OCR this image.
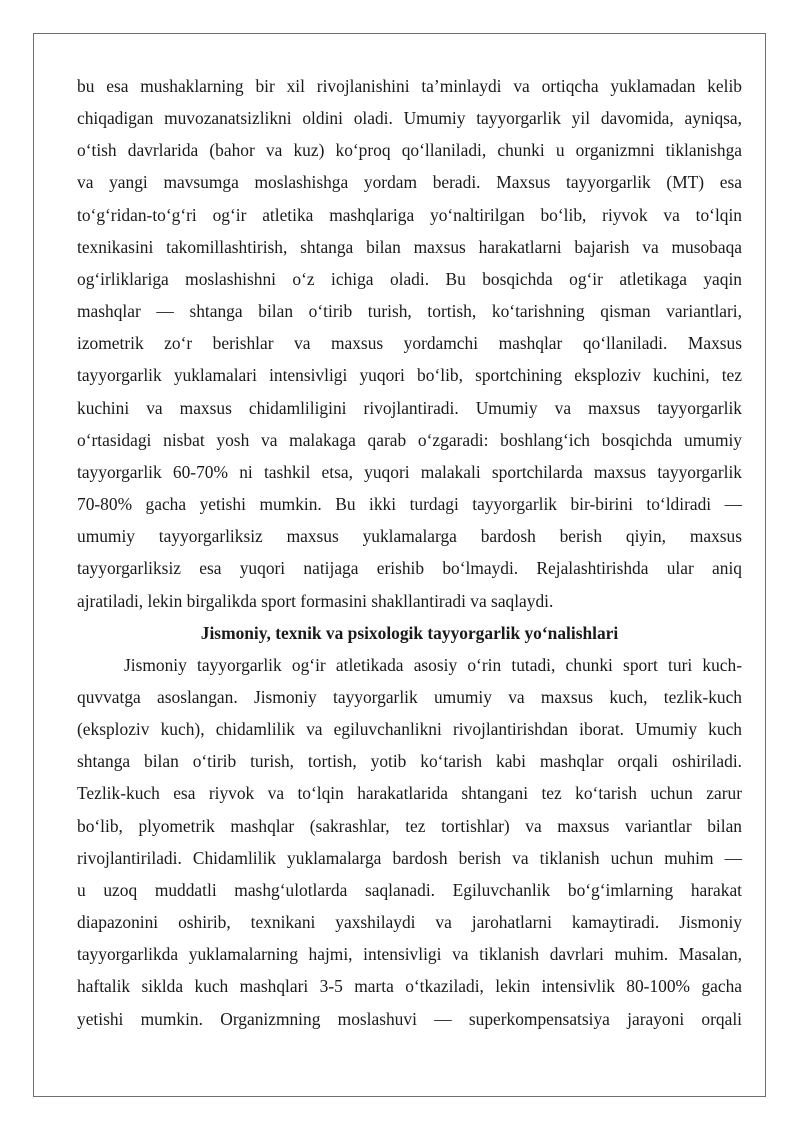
bu esa mushaklarning bir xil rivojlanishini ta’minlaydi va ortiqcha yuklamadan kelib

chiqadigan muvozanatsizlikni oldini oladi. Umumiy tayyorgarlik yil davomida, ayniqsa,

o‘tish davrlarida (bahor va kuz) ko‘proq qo‘llaniladi, chunki u organizmni tiklanishga

va yangi mavsumga moslashishga yordam beradi. Maxsus tayyorgarlik (MT) esa

to‘g‘ridan-to‘g‘ri og‘ir atletika mashqlariga yo‘naltirilgan bo‘lib, riyvok va to‘lqin

texnikasini takomillashtirish, shtanga bilan maxsus harakatlarni bajarish va musobaqa

og‘irliklariga moslashishni o‘z ichiga oladi. Bu bosqichda og‘ir atletikaga yaqin

mashqlar — shtanga bilan o‘tirib turish, tortish, ko‘tarishning qisman variantlari,

izometrik zo‘r berishlar va maxsus yordamchi mashqlar qo‘llaniladi. Maxsus

tayyorgarlik yuklamalari intensivligi yuqori bo‘lib, sportchining eksploziv kuchini, tez

kuchini va maxsus chidamliligini rivojlantiradi. Umumiy va maxsus tayyorgarlik

o‘rtasidagi nisbat yosh va malakaga qarab o‘zgaradi: boshlang‘ich bosqichda umumiy

tayyorgarlik 60-70% ni tashkil etsa, yuqori malakali sportchilarda maxsus tayyorgarlik

70-80% gacha yetishi mumkin. Bu ikki turdagi tayyorgarlik bir-birini to‘ldiradi —

umumiy tayyorgarliksiz maxsus yuklamalarga bardosh berish qiyin, maxsus

tayyorgarliksiz esa yuqori natijaga erishib bo‘lmaydi. Rejalashtirishda ular aniq

ajratiladi, lekin birgalikda sport formasini shakllantiradi va saqlaydi.

Jismoniy, texnik va psixologik tayyorgarlik yo‘nalishlari

Jismoniy tayyorgarlik og‘ir atletikada asosiy o‘rin tutadi, chunki sport turi kuch-

quvvatga asoslangan. Jismoniy tayyorgarlik umumiy va maxsus kuch, tezlik-kuch

(eksploziv kuch), chidamlilik va egiluvchanlikni rivojlantirishdan iborat. Umumiy kuch

shtanga bilan o‘tirib turish, tortish, yotib ko‘tarish kabi mashqlar orqali oshiriladi.

Tezlik-kuch esa riyvok va to‘lqin harakatlarida shtangani tez ko‘tarish uchun zarur

bo‘lib, plyometrik mashqlar (sakrashlar, tez tortishlar) va maxsus variantlar bilan

rivojlantiriladi. Chidamlilik yuklamalarga bardosh berish va tiklanish uchun muhim —

u uzoq muddatli mashg‘ulotlarda saqlanadi. Egiluvchanlik bo‘g‘imlarning harakat

diapazonini oshirib, texnikani yaxshilaydi va jarohatlarni kamaytiradi. Jismoniy

tayyorgarlikda yuklamalarning hajmi, intensivligi va tiklanish davrlari muhim. Masalan,

haftalik siklda kuch mashqlari 3-5 marta o‘tkaziladi, lekin intensivlik 80-100% gacha

yetishi mumkin. Organizmning moslashuvi — superkompensatsiya jarayoni orqali
